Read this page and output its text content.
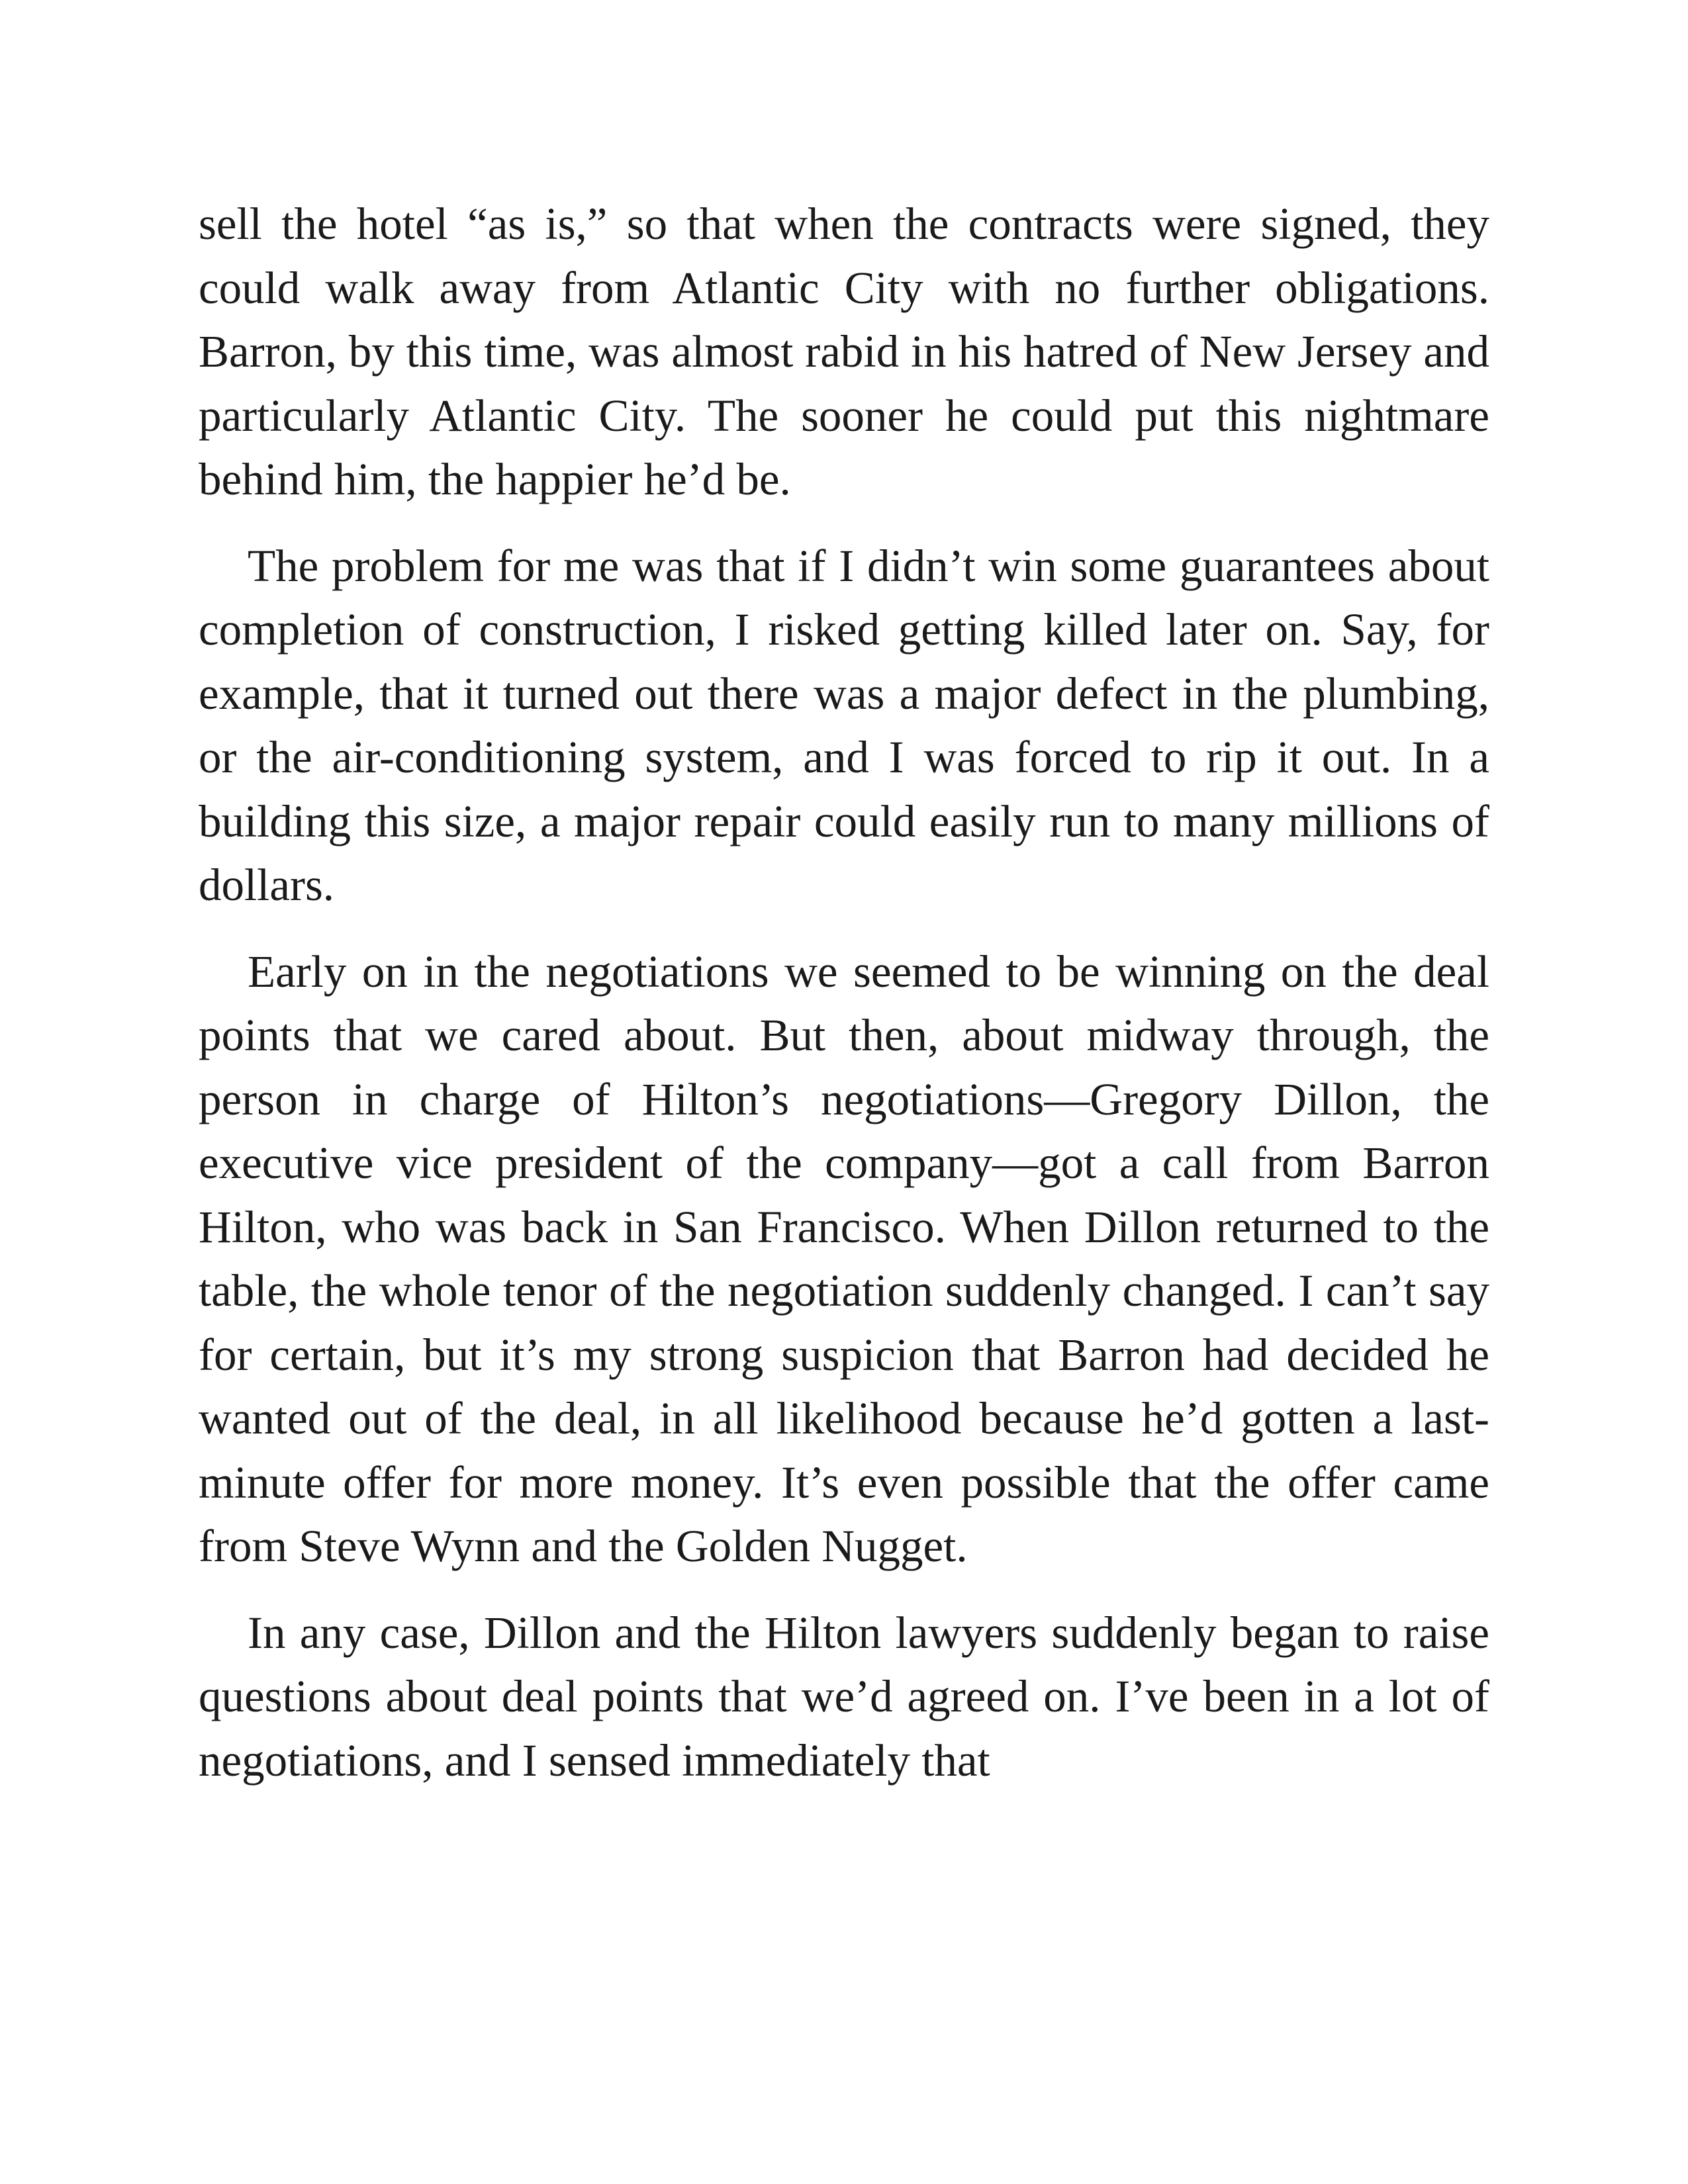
sell the hotel “as is,” so that when the contracts were signed, they could walk away from Atlantic City with no further obligations. Barron, by this time, was almost rabid in his hatred of New Jersey and particularly Atlantic City. The sooner he could put this nightmare behind him, the happier he’d be.

The problem for me was that if I didn’t win some guarantees about completion of construction, I risked getting killed later on. Say, for example, that it turned out there was a major defect in the plumbing, or the air-conditioning system, and I was forced to rip it out. In a building this size, a major repair could easily run to many millions of dollars.

Early on in the negotiations we seemed to be winning on the deal points that we cared about. But then, about midway through, the person in charge of Hilton’s negotiations—Gregory Dillon, the executive vice president of the company—got a call from Barron Hilton, who was back in San Francisco. When Dillon returned to the table, the whole tenor of the negotiation suddenly changed. I can’t say for certain, but it’s my strong suspicion that Barron had decided he wanted out of the deal, in all likelihood because he’d gotten a last-minute offer for more money. It’s even possible that the offer came from Steve Wynn and the Golden Nugget.

In any case, Dillon and the Hilton lawyers suddenly began to raise questions about deal points that we’d agreed on. I’ve been in a lot of negotiations, and I sensed immediately that
